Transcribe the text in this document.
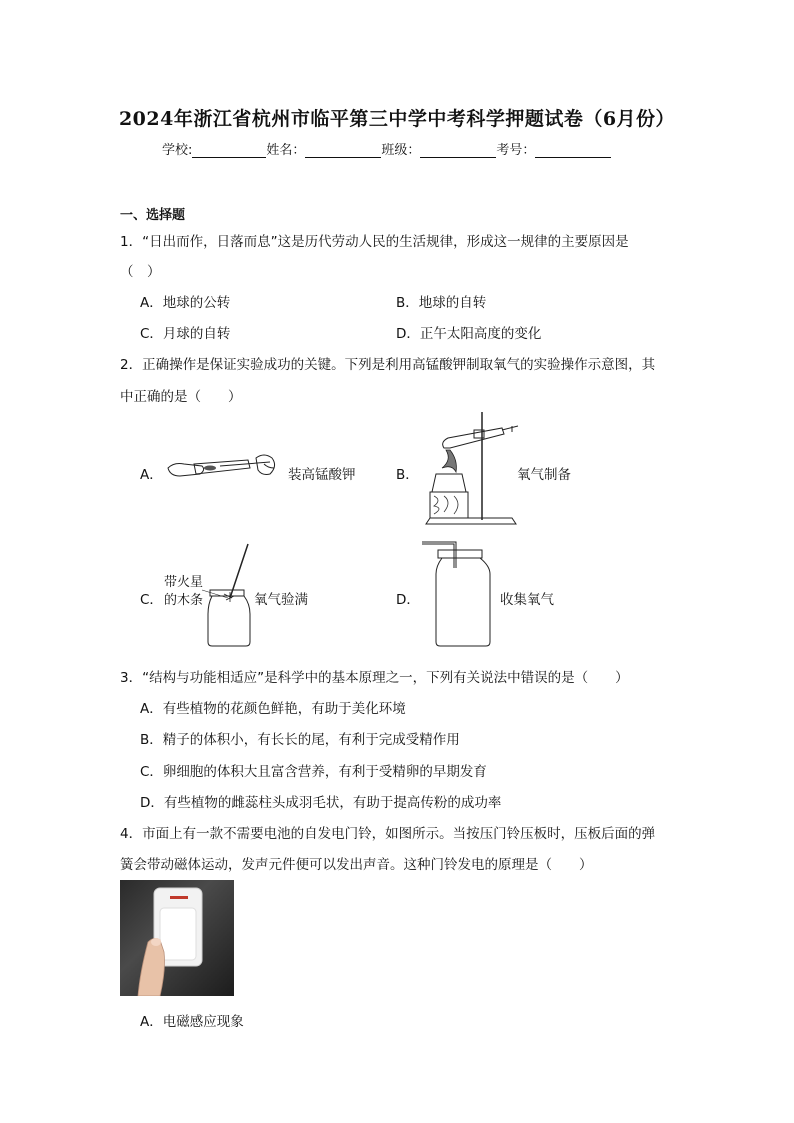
2024年浙江省杭州市临平第三中学中考科学押题试卷（6月份）
学校:	姓名：	班级：	考号：
一、选择题
1．“日出而作，日落而息”这是历代劳动人民的生活规律，形成这一规律的主要原因是
（　）
A．地球的公转	B．地球的自转
C．月球的自转	D．正午太阳高度的变化
2．正确操作是保证实验成功的关键。下列是利用高锰酸钾制取氧气的实验操作示意图，其
中正确的是（　　）
A．	装高锰酸钾	B．	氧气制备
C．
带火星
的木条	氧气验满	D．	收集氧气
3．“结构与功能相适应”是科学中的基本原理之一，下列有关说法中错误的是（　　）
A．有些植物的花颜色鲜艳，有助于美化环境
B．精子的体积小，有长长的尾，有利于完成受精作用
C．卵细胞的体积大且富含营养，有利于受精卵的早期发育
D．有些植物的雌蕊柱头成羽毛状，有助于提高传粉的成功率
4．市面上有一款不需要电池的自发电门铃，如图所示。当按压门铃压板时，压板后面的弹
簧会带动磁体运动，发声元件便可以发出声音。这种门铃发电的原理是（　　）
A．电磁感应现象
